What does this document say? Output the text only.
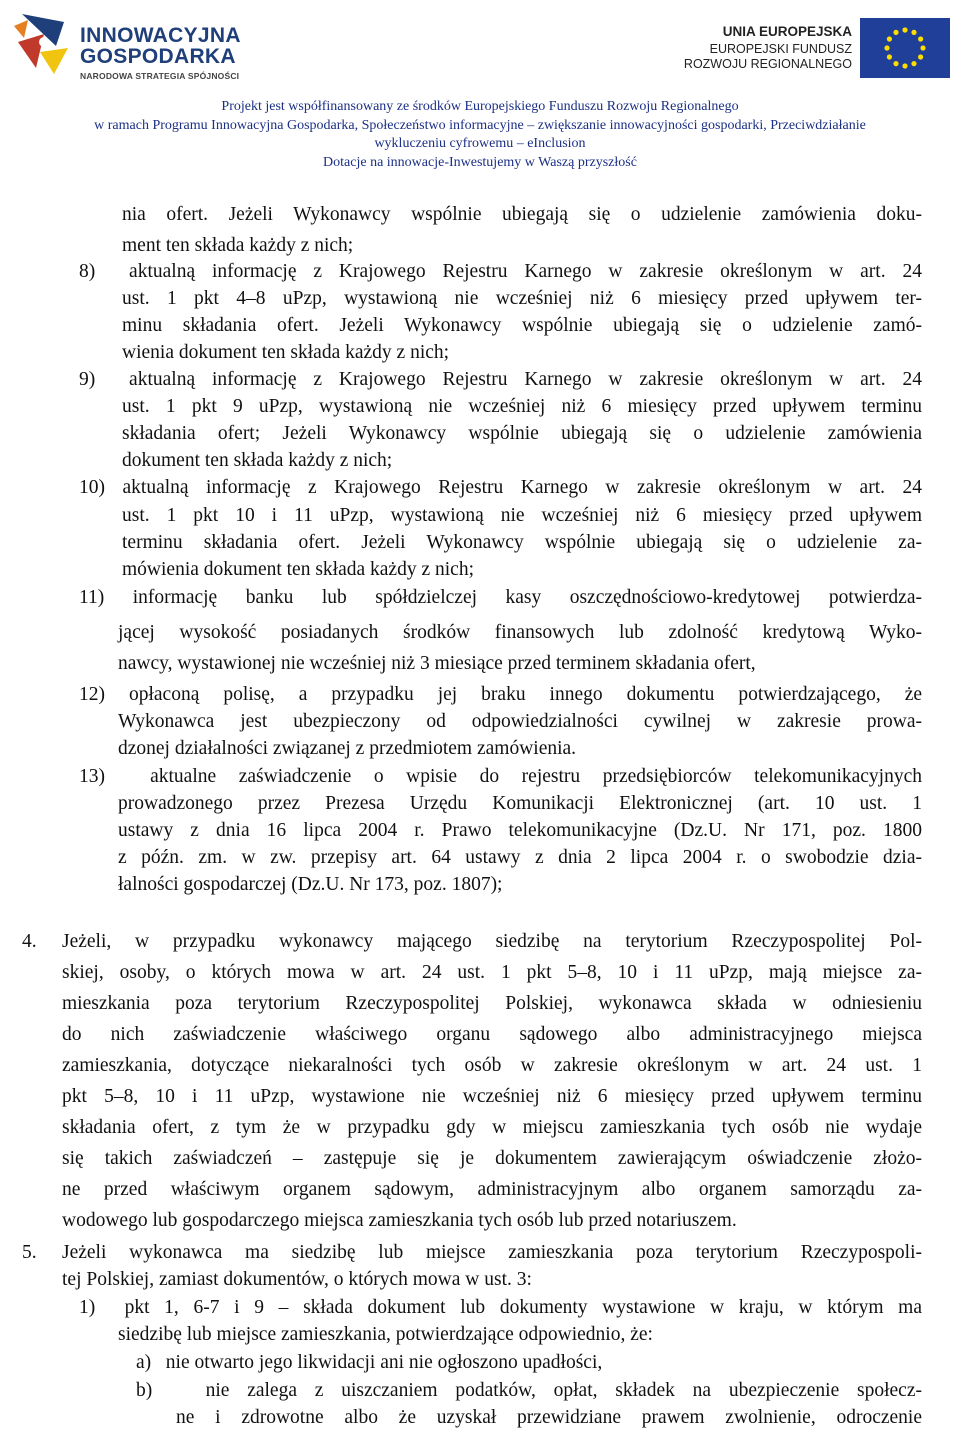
INNOWACYJNA
GOSPODARKA
NARODOWA STRATEGIA SPÓJNOŚCI
UNIA EUROPEJSKA
EUROPEJSKI FUNDUSZ
ROZWOJU REGIONALNEGO
Projekt jest współfinansowany ze środków Europejskiego Funduszu Rozwoju Regionalnego
w ramach Programu Innowacyjna Gospodarka, Społeczeństwo informacyjne – zwiększanie innowacyjności gospodarki, Przeciwdziałanie
wykluczeniu cyfrowemu – eInclusion
Dotacje na innowacje-Inwestujemy w Waszą przyszłość
nia ofert. Jeżeli Wykonawcy wspólnie ubiegają się o udzielenie zamówienia doku-
ment ten składa każdy z nich;
8)  aktualną informację z Krajowego Rejestru Karnego w zakresie określonym w art. 24
ust. 1 pkt 4–8 uPzp, wystawioną nie wcześniej niż 6 miesięcy przed upływem ter-
minu składania ofert. Jeżeli Wykonawcy wspólnie ubiegają się o udzielenie zamó-
wienia dokument ten składa każdy z nich;
9)  aktualną informację z Krajowego Rejestru Karnego w zakresie określonym w art. 24
ust. 1 pkt 9 uPzp, wystawioną nie wcześniej niż 6 miesięcy przed upływem terminu
składania ofert; Jeżeli Wykonawcy wspólnie ubiegają się o udzielenie zamówienia
dokument ten składa każdy z nich;
10) aktualną informację z Krajowego Rejestru Karnego w zakresie określonym w art. 24
ust. 1 pkt 10 i 11 uPzp, wystawioną nie wcześniej niż 6 miesięcy przed upływem
terminu składania ofert. Jeżeli Wykonawcy wspólnie ubiegają się o udzielenie za-
mówienia dokument ten składa każdy z nich;
11) informację banku lub spółdzielczej kasy oszczędnościowo-kredytowej potwierdza-
jącej wysokość posiadanych środków finansowych lub zdolność kredytową Wyko-
nawcy, wystawionej nie wcześniej niż 3 miesiące przed terminem składania ofert,
12) opłaconą polisę, a przypadku jej braku innego dokumentu potwierdzającego, że
Wykonawca jest ubezpieczony od odpowiedzialności cywilnej w zakresie prowa-
dzonej działalności związanej z przedmiotem zamówienia.
13)  aktualne zaświadczenie o wpisie do rejestru przedsiębiorców telekomunikacyjnych
prowadzonego przez Prezesa Urzędu Komunikacji Elektronicznej (art. 10 ust. 1
ustawy z dnia 16 lipca 2004 r. Prawo telekomunikacyjne (Dz.U. Nr 171, poz. 1800
z późn. zm. w zw. przepisy art. 64 ustawy z dnia 2 lipca 2004 r. o swobodzie dzia-
łalności gospodarczej (Dz.U. Nr 173, poz. 1807);
4. Jeżeli, w przypadku wykonawcy mającego siedzibę na terytorium Rzeczypospolitej Pol-
skiej, osoby, o których mowa w art. 24 ust. 1 pkt 5–8, 10 i 11 uPzp, mają miejsce za-
mieszkania poza terytorium Rzeczypospolitej Polskiej, wykonawca składa w odniesieniu
do nich zaświadczenie właściwego organu sądowego albo administracyjnego miejsca
zamieszkania, dotyczące niekaralności tych osób w zakresie określonym w art. 24 ust. 1
pkt 5–8, 10 i 11 uPzp, wystawione nie wcześniej niż 6 miesięcy przed upływem terminu
składania ofert, z tym że w przypadku gdy w miejscu zamieszkania tych osób nie wydaje
się takich zaświadczeń – zastępuje się je dokumentem zawierającym oświadczenie złożo-
ne przed właściwym organem sądowym, administracyjnym albo organem samorządu za-
wodowego lub gospodarczego miejsca zamieszkania tych osób lub przed notariuszem.
5. Jeżeli wykonawca ma siedzibę lub miejsce zamieszkania poza terytorium Rzeczypospoli-
tej Polskiej, zamiast dokumentów, o których mowa w ust. 3:
1)  pkt 1, 6-7 i 9 – składa dokument lub dokumenty wystawione w kraju, w którym ma
siedzibę lub miejsce zamieszkania, potwierdzające odpowiednio, że:
a)   nie otwarto jego likwidacji ani nie ogłoszono upadłości,
b)   nie zalega z uiszczaniem podatków, opłat, składek na ubezpieczenie społecz-
ne i zdrowotne albo że uzyskał przewidziane prawem zwolnienie, odroczenie
